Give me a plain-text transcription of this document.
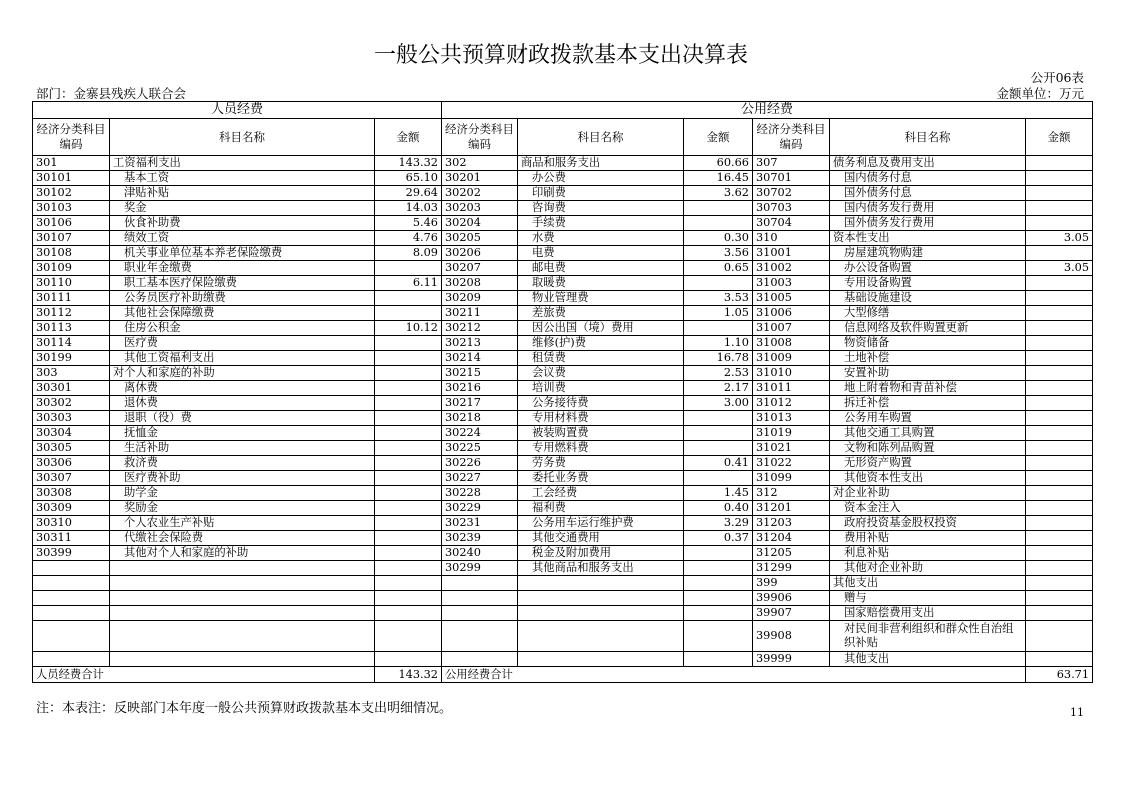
一般公共预算财政拨款基本支出决算表
公开06表
部门：金寨县残疾人联合会	金额单位：万元
人员经费			公用经费					
经济分类科目编码	科目名称	金额	经济分类科目编码	科目名称	金额	经济分类科目编码	科目名称	金额
301	工资福利支出	143.32	302	商品和服务支出	60.66	307	债务利息及费用支出	
30101	基本工资	65.10	30201	办公费	16.45	30701	国内债务付息	
30102	津贴补贴	29.64	30202	印刷费	3.62	30702	国外债务付息	
30103	奖金	14.03	30203	咨询费		30703	国内债务发行费用	
30106	伙食补助费	5.46	30204	手续费		30704	国外债务发行费用	
30107	绩效工资	4.76	30205	水费	0.30	310	资本性支出	3.05
30108	机关事业单位基本养老保险缴费	8.09	30206	电费	3.56	31001	房屋建筑物购建	
30109	职业年金缴费		30207	邮电费	0.65	31002	办公设备购置	3.05
30110	职工基本医疗保险缴费	6.11	30208	取暖费		31003	专用设备购置	
30111	公务员医疗补助缴费		30209	物业管理费	3.53	31005	基础设施建设	
30112	其他社会保障缴费		30211	差旅费	1.05	31006	大型修缮	
30113	住房公积金	10.12	30212	因公出国（境）费用		31007	信息网络及软件购置更新	
30114	医疗费		30213	维修(护)费	1.10	31008	物资储备	
30199	其他工资福利支出		30214	租赁费	16.78	31009	土地补偿	
303	对个人和家庭的补助		30215	会议费	2.53	31010	安置补助	
30301	离休费		30216	培训费	2.17	31011	地上附着物和青苗补偿	
30302	退休费		30217	公务接待费	3.00	31012	拆迁补偿	
30303	退职（役）费		30218	专用材料费		31013	公务用车购置	
30304	抚恤金		30224	被装购置费		31019	其他交通工具购置	
30305	生活补助		30225	专用燃料费		31021	文物和陈列品购置	
30306	救济费		30226	劳务费	0.41	31022	无形资产购置	
30307	医疗费补助		30227	委托业务费		31099	其他资本性支出	
30308	助学金		30228	工会经费	1.45	312	对企业补助	
30309	奖励金		30229	福利费	0.40	31201	资本金注入	
30310	个人农业生产补贴		30231	公务用车运行维护费	3.29	31203	政府投资基金股权投资	
30311	代缴社会保险费		30239	其他交通费用	0.37	31204	费用补贴	
30399	其他对个人和家庭的补助		30240	税金及附加费用		31205	利息补贴	
			30299	其他商品和服务支出		31299	其他对企业补助	
						399	其他支出	
						39906	赠与	
						39907	国家赔偿费用支出	
						39908	对民间非营利组织和群众性自治组织补贴	
						39999	其他支出	
人员经费合计		143.32	公用经费合计					63.71
注：本表注：反映部门本年度一般公共预算财政拨款基本支出明细情况。	11
